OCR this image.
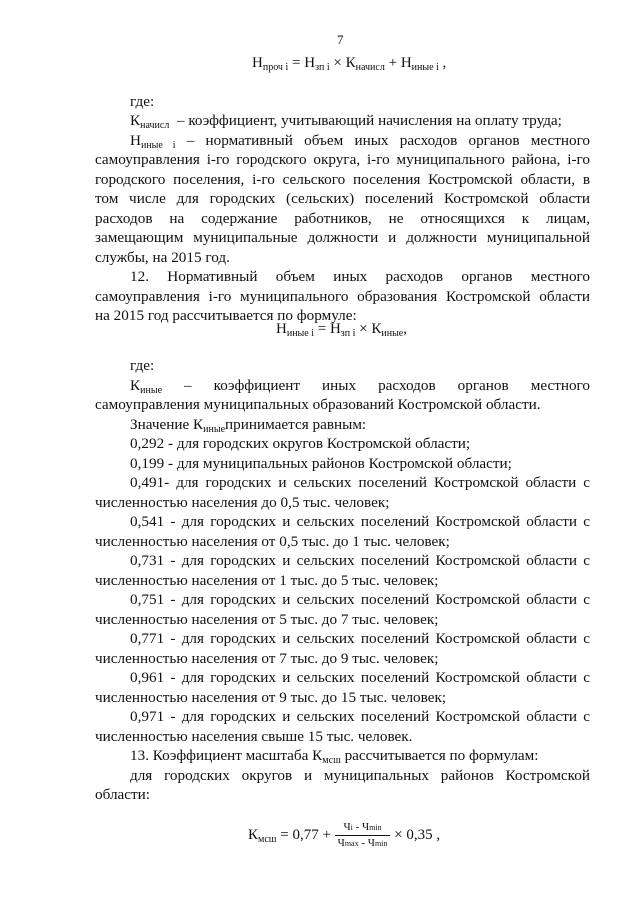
7
$Н_{проч i} = Н_{зп i} \times К_{начисл} + Н_{иные i}$ ,
где:
$К_{начисл}$ – коэффициент, учитывающий начисления на оплату труда;
$Н_{иные i}$ – нормативный объем иных расходов органов местного
самоуправления i-го городского округа, i-го муниципального района, i-го
городского поселения, i-го сельского поселения Костромской области, в
том числе для городских (сельских) поселений Костромской области
расходов на содержание работников, не относящихся к лицам,
замещающим муниципальные должности и должности муниципальной
службы, на 2015 год.
12. Нормативный объем иных расходов органов местного
самоуправления i-го муниципального образования Костромской области
на 2015 год рассчитывается по формуле:
$Н_{иные i} = Н_{зп i} \times К_{иные}$,
где:
$К_{иные}$ – коэффициент иных расходов органов местного
самоуправления муниципальных образований Костромской области.
Значение $К_{иные}принимается$ равным:
0,292 - для городских округов Костромской области;
0,199 - для муниципальных районов Костромской области;
0,491- для городских и сельских поселений Костромской области с
численностью населения до 0,5 тыс. человек;
0,541 - для городских и сельских поселений Костромской области с
численностью населения от 0,5 тыс. до 1 тыс. человек;
0,731 - для городских и сельских поселений Костромской области с
численностью населения от 1 тыс. до 5 тыс. человек;
0,751 - для городских и сельских поселений Костромской области с
численностью населения от 5 тыс. до 7 тыс. человек;
0,771 - для городских и сельских поселений Костромской области с
численностью населения от 7 тыс. до 9 тыс. человек;
0,961 - для городских и сельских поселений Костромской области с
численностью населения от 9 тыс. до 15 тыс. человек;
0,971 - для городских и сельских поселений Костромской области с
численностью населения свыше 15 тыс. человек.
13. Коэффициент масштаба $К_{мсш}$ рассчитывается по формулам:
для городских округов и муниципальных районов Костромской
области:
$К_{мсш} = 0,77 + \frac{Чi - Ч\min}{Ч\max - Ч\min} \times 0,35$ ,
